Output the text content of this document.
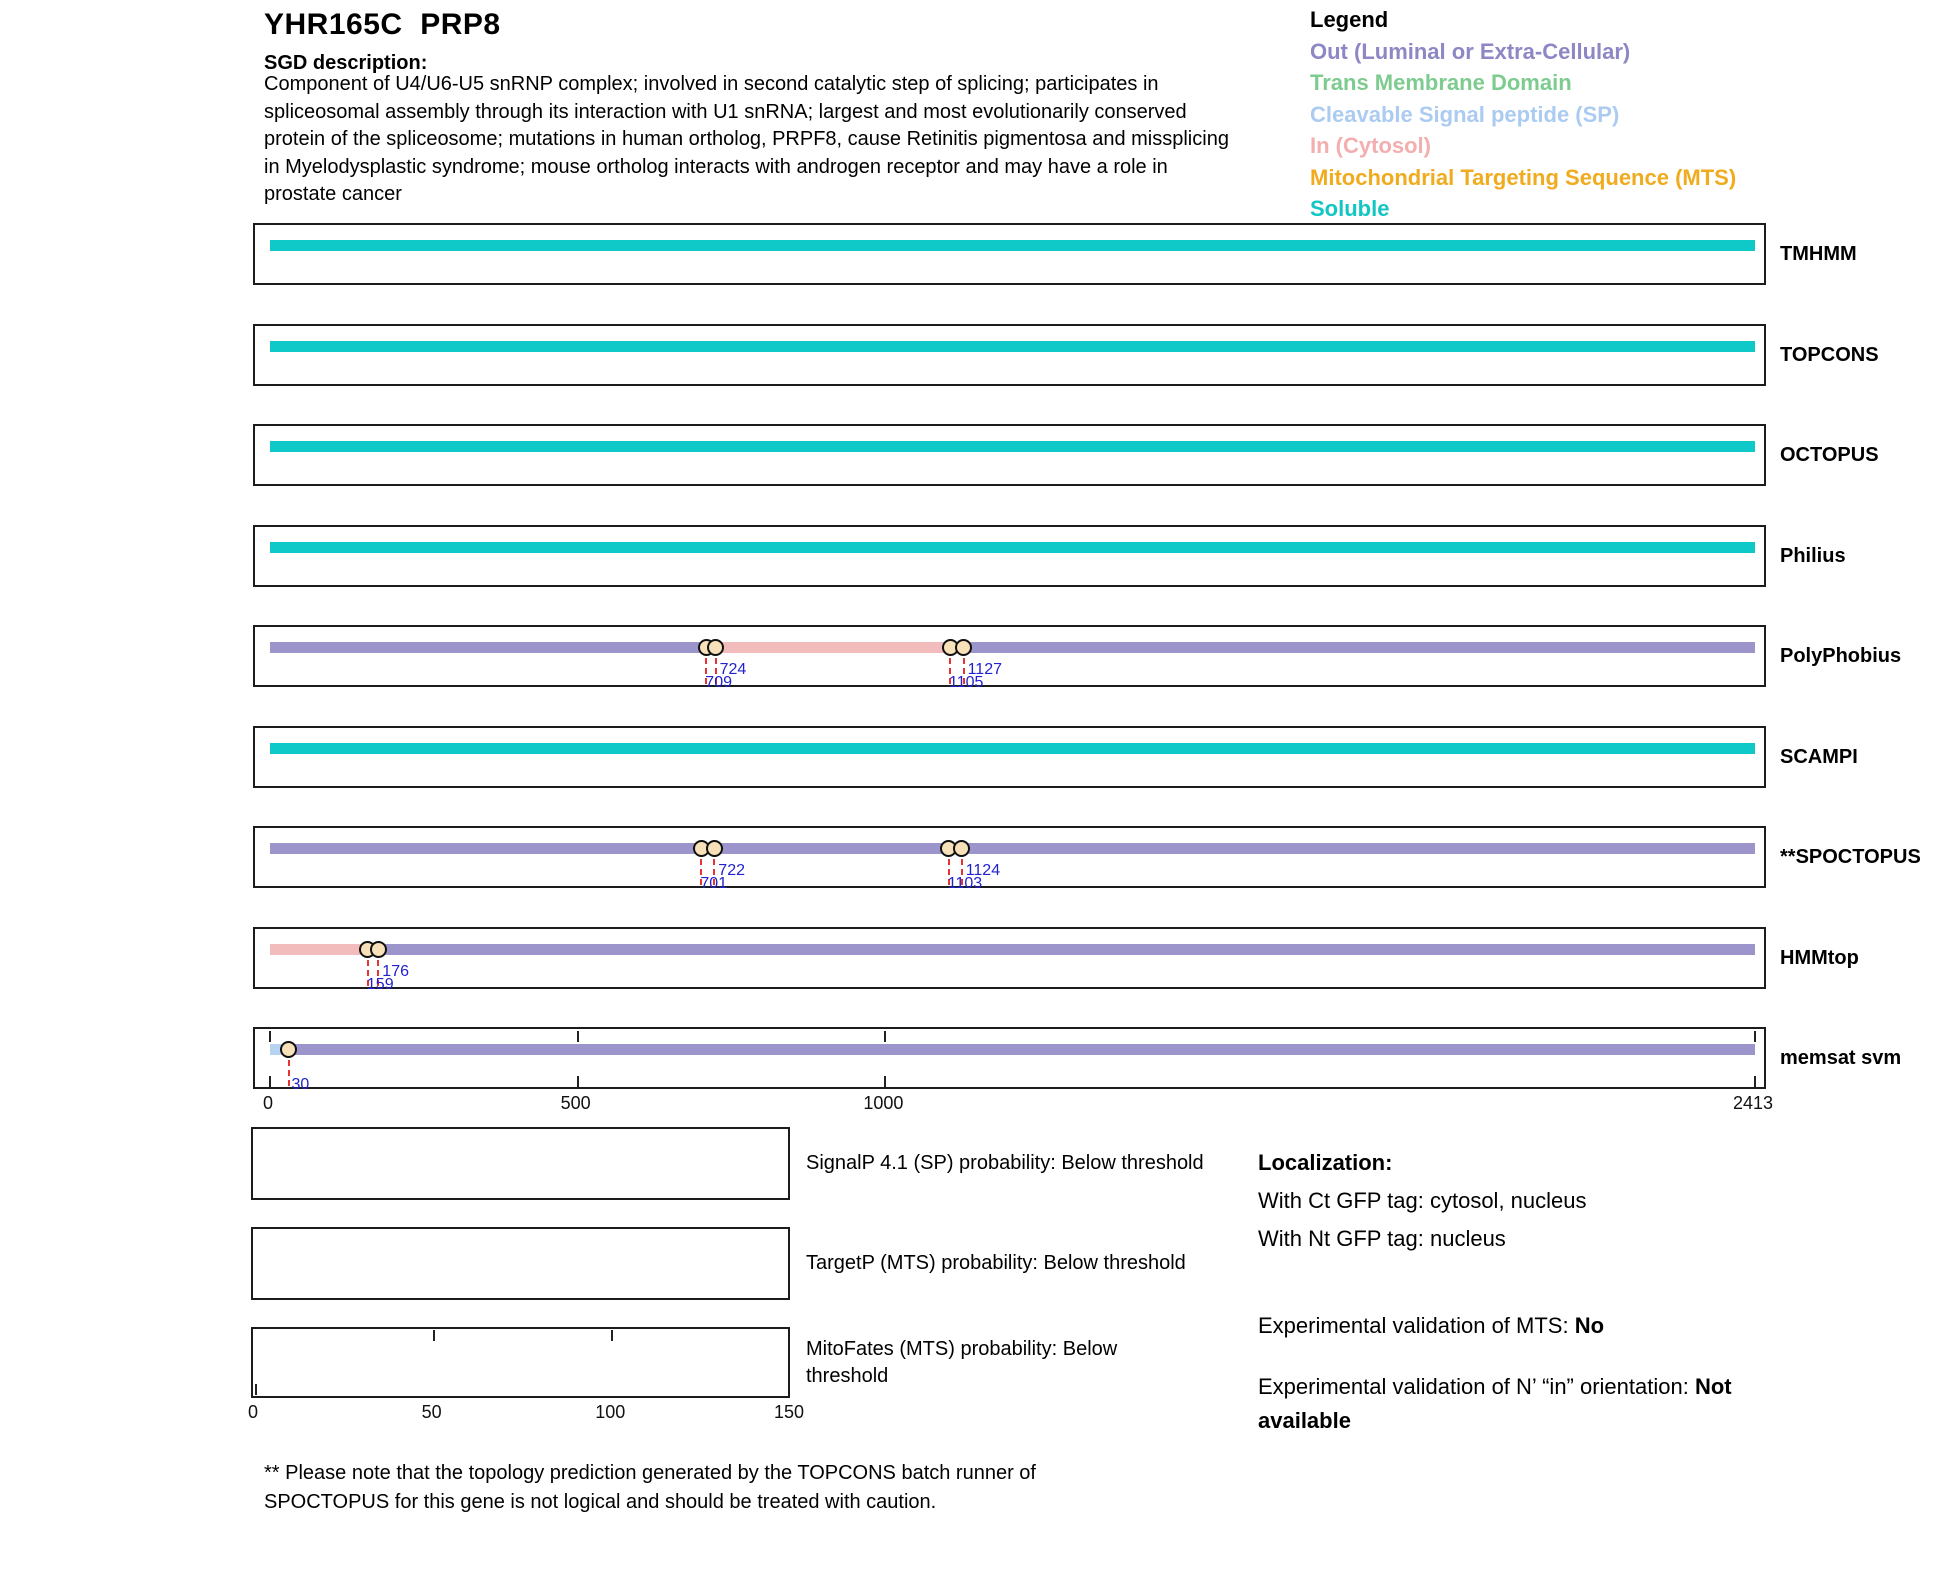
YHR165C  PRP8
SGD description:
Component of U4/U6-U5 snRNP complex; involved in second catalytic step of splicing; participates in
spliceosomal assembly through its interaction with U1 snRNA; largest and most evolutionarily conserved
protein of the spliceosome; mutations in human ortholog, PRPF8, cause Retinitis pigmentosa and missplicing
in Myelodysplastic syndrome; mouse ortholog interacts with androgen receptor and may have a role in
prostate cancer
Legend
Out (Luminal or Extra-Cellular)
Trans Membrane Domain
Cleavable Signal peptide (SP)
In (Cytosol)
Mitochondrial Targeting Sequence (MTS)
Soluble
TMHMM
TOPCONS
OCTOPUS
Philius
724
709
1127
1105
PolyPhobius
SCAMPI
722
701
1124
1103
**SPOCTOPUS
176
159
HMMtop
30
memsat svm
0	500	1000	2413
SignalP 4.1 (SP) probability: Below threshold
TargetP (MTS) probability: Below threshold
0	50	100	150
MitoFates (MTS) probability: Below
threshold
Localization:
With Ct GFP tag: cytosol, nucleus
With Nt GFP tag: nucleus
Experimental validation of MTS: No
Experimental validation of N’ “in” orientation: Not available
** Please note that the topology prediction generated by the TOPCONS batch runner of
SPOCTOPUS for this gene is not logical and should be treated with caution.
